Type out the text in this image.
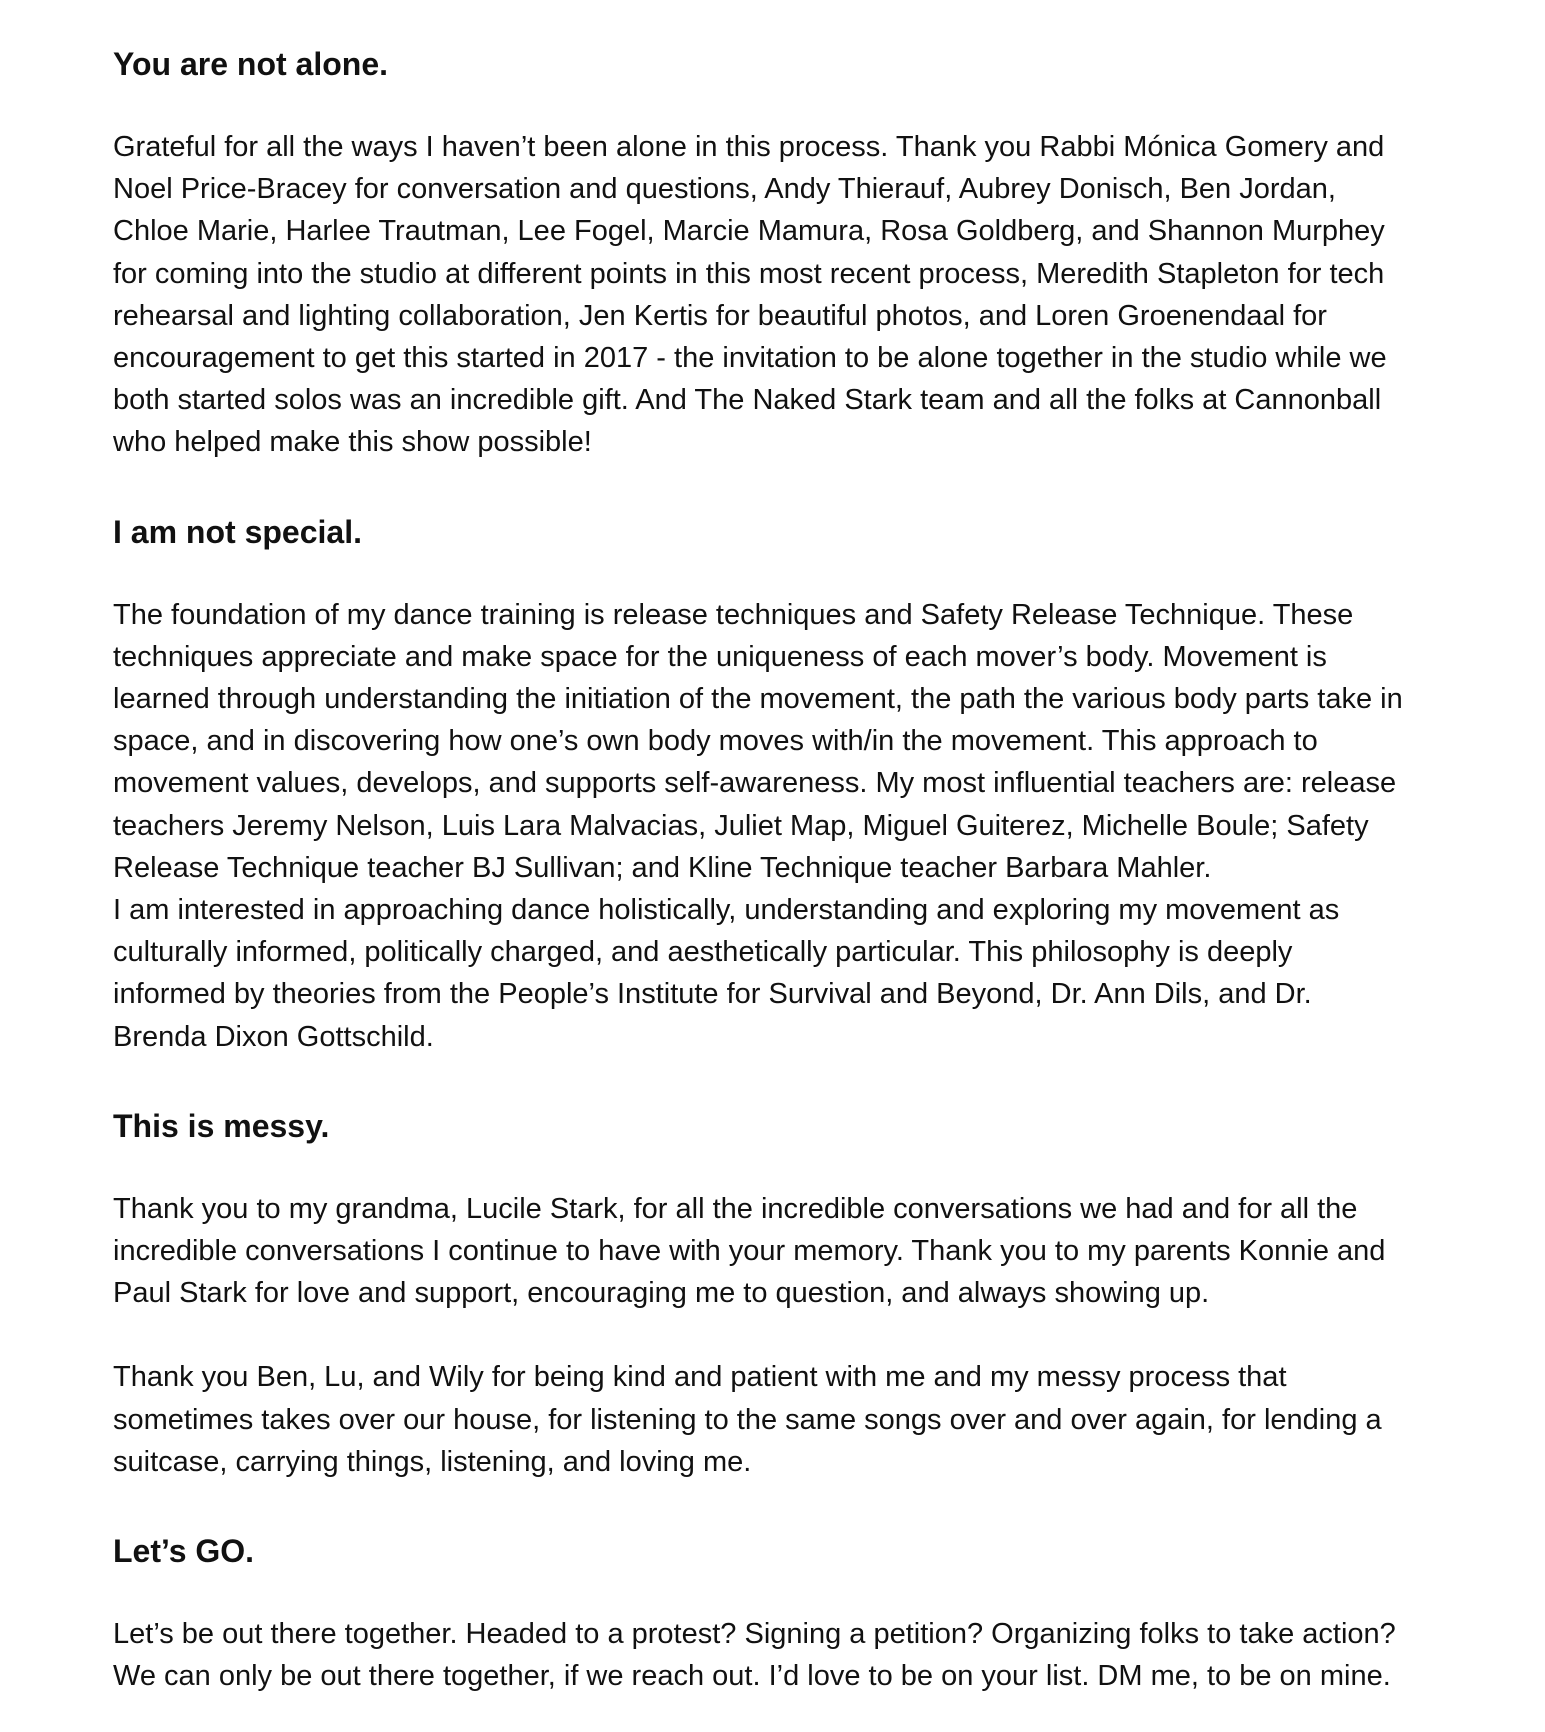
You are not alone.

Grateful for all the ways I haven’t been alone in this process. Thank you Rabbi Mónica Gomery and
Noel Price-Bracey for conversation and questions, Andy Thierauf, Aubrey Donisch, Ben Jordan,
Chloe Marie, Harlee Trautman, Lee Fogel, Marcie Mamura, Rosa Goldberg, and Shannon Murphey
for coming into the studio at different points in this most recent process, Meredith Stapleton for tech
rehearsal and lighting collaboration, Jen Kertis for beautiful photos, and Loren Groenendaal for
encouragement to get this started in 2017 - the invitation to be alone together in the studio while we
both started solos was an incredible gift. And The Naked Stark team and all the folks at Cannonball
who helped make this show possible!

I am not special.

The foundation of my dance training is release techniques and Safety Release Technique. These
techniques appreciate and make space for the uniqueness of each mover’s body. Movement is
learned through understanding the initiation of the movement, the path the various body parts take in
space, and in discovering how one’s own body moves with/in the movement. This approach to
movement values, develops, and supports self-awareness. My most influential teachers are: release
teachers Jeremy Nelson, Luis Lara Malvacias, Juliet Map, Miguel Guiterez, Michelle Boule; Safety
Release Technique teacher BJ Sullivan; and Kline Technique teacher Barbara Mahler.
I am interested in approaching dance holistically, understanding and exploring my movement as
culturally informed, politically charged, and aesthetically particular. This philosophy is deeply
informed by theories from the People’s Institute for Survival and Beyond, Dr. Ann Dils, and Dr.
Brenda Dixon Gottschild.

This is messy.

Thank you to my grandma, Lucile Stark, for all the incredible conversations we had and for all the
incredible conversations I continue to have with your memory. Thank you to my parents Konnie and
Paul Stark for love and support, encouraging me to question, and always showing up.

Thank you Ben, Lu, and Wily for being kind and patient with me and my messy process that
sometimes takes over our house, for listening to the same songs over and over again, for lending a
suitcase, carrying things, listening, and loving me.

Let’s GO.

Let’s be out there together. Headed to a protest? Signing a petition? Organizing folks to take action?
We can only be out there together, if we reach out. I’d love to be on your list. DM me, to be on mine.
